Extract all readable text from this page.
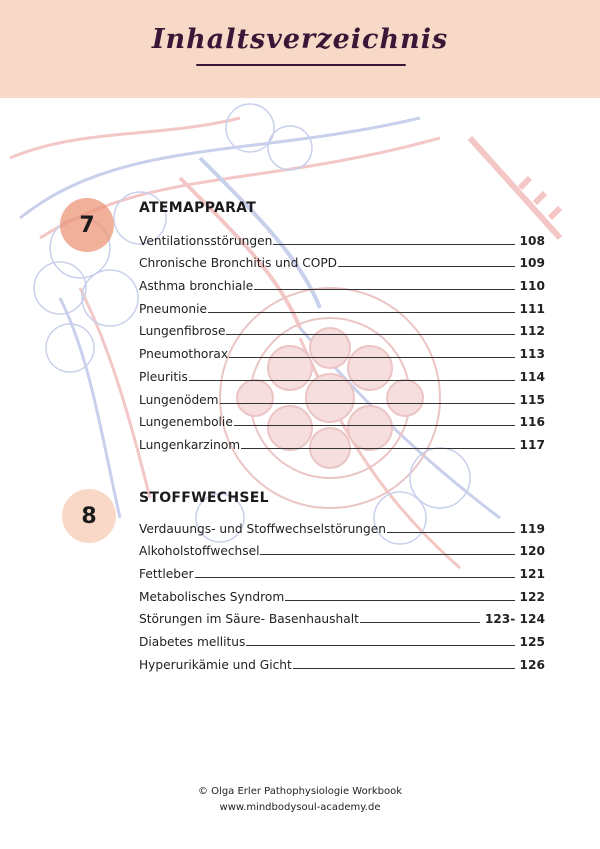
Inhaltsverzeichnis
7
ATEMAPPARAT
Ventilationsstörungen	108
Chronische Bronchitis und COPD	109
Asthma bronchiale	110
Pneumonie	111
Lungenfibrose	112
Pneumothorax	113
Pleuritis	114
Lungenödem	115
Lungenembolie	116
Lungenkarzinom	117
8
STOFFWECHSEL
Verdauungs- und Stoffwechselstörungen	119
Alkoholstoffwechsel	120
Fettleber	121
Metabolisches Syndrom	122
Störungen im Säure- Basenhaushalt	123- 124
Diabetes mellitus	125
Hyperurikämie und Gicht	126
© Olga Erler Pathophysiologie Workbook
www.mindbodysoul-academy.de
